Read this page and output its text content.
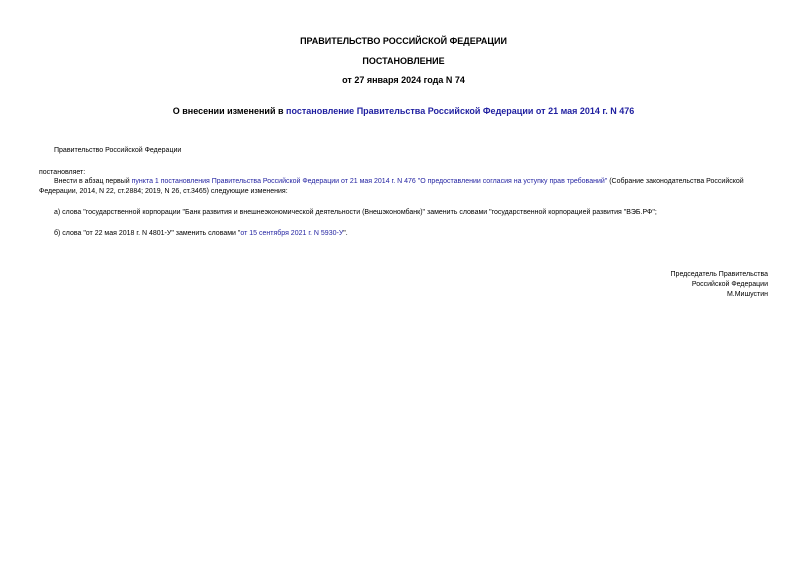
ПРАВИТЕЛЬСТВО РОССИЙСКОЙ ФЕДЕРАЦИИ
ПОСТАНОВЛЕНИЕ
от 27 января 2024 года N 74
О внесении изменений в постановление Правительства Российской Федерации от 21 мая 2014 г. N 476
Правительство Российской Федерации
постановляет:
Внести в абзац первый пункта 1 постановления Правительства Российской Федерации от 21 мая 2014 г. N 476 "О предоставлении согласия на уступку прав требований" (Собрание законодательства Российской
Федерации, 2014, N 22, ст.2884; 2019, N 26, ст.3465) следующие изменения:
а) слова "государственной корпорации "Банк развития и внешнеэкономической деятельности (Внешэкономбанк)" заменить словами "государственной корпорацией развития "ВЭБ.РФ";
б) слова "от 22 мая 2018 г. N 4801-У" заменить словами "от 15 сентября 2021 г. N 5930-У".
Председатель Правительства
Российской Федерации
М.Мишустин
